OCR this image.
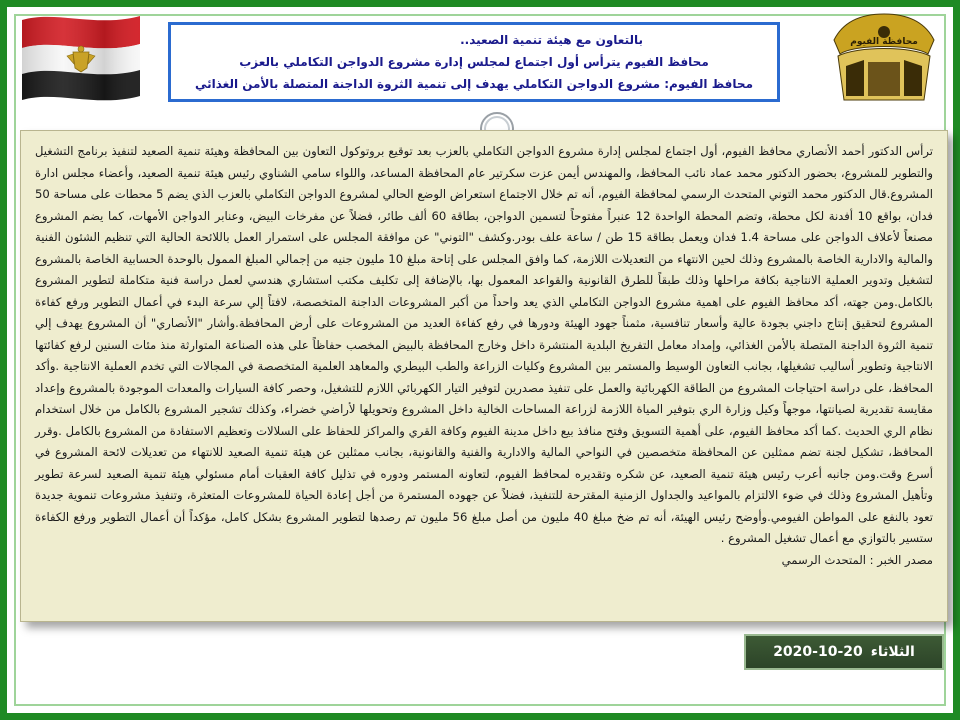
محافظة الفيوم
بالتعاون مع هيئة تنمية الصعيد..
محافظ الفيوم يترأس أول اجتماع لمجلس إدارة مشروع الدواجن التكاملي بالعزب
محافظ الفيوم: مشروع الدواجن التكاملي يهدف إلى تنمية الثروة الداجنة المتصلة بالأمن الغذائي

ترأس الدكتور أحمد الأنصاري محافظ الفيوم، أول اجتماع لمجلس إدارة مشروع الدواجن التكاملي بالعزب بعد توقيع بروتوكول التعاون بين المحافظة وهيئة تنمية الصعيد لتنفيذ برنامج التشغيل والتطوير للمشروع، بحضور الدكتور محمد عماد نائب المحافظ، والمهندس أيمن عزت سكرتير عام المحافظة المساعد، واللواء سامي الشناوي رئيس هيئة تنمية الصعيد، وأعضاء مجلس ادارة المشروع.قال الدكتور محمد التوني المتحدث الرسمي لمحافظة الفيوم، أنه تم خلال الاجتماع استعراض الوضع الحالي لمشروع الدواجن التكاملي بالعزب الذي يضم 5 محطات على مساحة 50 فدان، بواقع 10 أفدنة لكل محطة، وتضم المحطة الواحدة 12 عنبراً مفتوحاً لتسمين الدواجن، بطاقة 60 ألف طائر، فضلاً عن مفرخات البيض، وعنابر الدواجن الأمهات، كما يضم المشروع مصنعاً لأعلاف الدواجن على مساحة 1.4 فدان ويعمل بطاقة 15 طن / ساعة علف بودر.وكشف "التوني" عن موافقة المجلس على استمرار العمل باللائحة الحالية التي تنظيم الشئون الفنية والمالية والادارية الخاصة بالمشروع وذلك لحين الانتهاء من التعديلات اللازمة، كما وافق المجلس على إتاحة مبلغ 10 مليون جنيه من إجمالي المبلغ الممول بالوحدة الحسابية الخاصة بالمشروع لتشغيل وتدوير العملية الانتاجية بكافة مراحلها وذلك طبقاً للطرق القانونية والقواعد المعمول بها، بالإضافة إلى تكليف مكتب استشاري هندسي لعمل دراسة فنية متكاملة لتطوير المشروع بالكامل.ومن جهته، أكد محافظ الفيوم على اهمية مشروع الدواجن التكاملي الذي يعد واحداً من أكبر المشروعات الداجنة المتخصصة، لافتاً إلي سرعة البدء في أعمال التطوير ورفع كفاءة المشروع لتحقيق إنتاج داجني بجودة عالية وأسعار تنافسية، مثمناً جهود الهيئة ودورها في رفع كفاءة العديد من المشروعات على أرض المحافظة.وأشار "الأنصاري" أن المشروع يهدف إلي تنمية الثروة الداجنة المتصلة بالأمن الغذائي، وإمداد معامل التفريخ البلدية المنتشرة داخل وخارج المحافظة بالبيض المخصب حفاظاً على هذه الصناعة المتوارثة منذ مئات السنين لرفع كفائتها الانتاجية وتطوير أساليب تشغيلها، بجانب التعاون الوسيط والمستمر بين المشروع وكليات الزراعة والطب البيطري والمعاهد العلمية المتخصصة في المجالات التي تخدم العملية الانتاجية .وأكد المحافظ، على دراسة احتياجات المشروع من الطاقة الكهربائية والعمل على تنفيذ مصدرين لتوفير التيار الكهربائي اللازم للتشغيل، وحصر كافة السيارات والمعدات الموجودة بالمشروع وإعداد مقايسة تقديرية لصيانتها، موجهاً وكيل وزارة الري بتوفير المياة اللازمة لزراعة المساحات الخالية داخل المشروع وتحويلها لأراضي خضراء، وكذلك تشجير المشروع بالكامل من خلال استخدام نظام الري الحديث .كما أكد محافظ الفيوم، على أهمية التسويق وفتح منافذ بيع داخل مدينة الفيوم وكافة القري والمراكز للحفاظ على السلالات وتعظيم الاستفادة من المشروع بالكامل .وقرر المحافظ، تشكيل لجنة تضم ممثلين عن المحافظة متخصصين في النواحي المالية والادارية والفنية والقانونية، بجانب ممثلين عن هيئة تنمية الصعيد للانتهاء من تعديلات لائحة المشروع في أسرع وقت.ومن جانبه أعرب رئيس هيئة تنمية الصعيد، عن شكره وتقديره لمحافظ الفيوم، لتعاونه المستمر ودوره في تذليل كافة العقبات أمام مسئولي هيئة تنمية الصعيد لسرعة تطوير وتأهيل المشروع وذلك في ضوء الالتزام بالمواعيد والجداول الزمنية المقترحة للتنفيذ، فضلاً عن جهوده المستمرة من أجل إعادة الحياة للمشروعات المتعثرة، وتنفيذ مشروعات تنموية جديدة تعود بالنفع على المواطن الفيومي.وأوضح رئيس الهيئة، أنه تم ضخ مبلغ 40 مليون من أصل مبلغ 56 مليون تم رصدها لتطوير المشروع بشكل كامل، مؤكداً أن أعمال التطوير ورفع الكفاءة ستسير بالتوازي مع أعمال تشغيل المشروع .

مصدر الخبر : المتحدث الرسمي

الثلاثاء
2020-10-20
